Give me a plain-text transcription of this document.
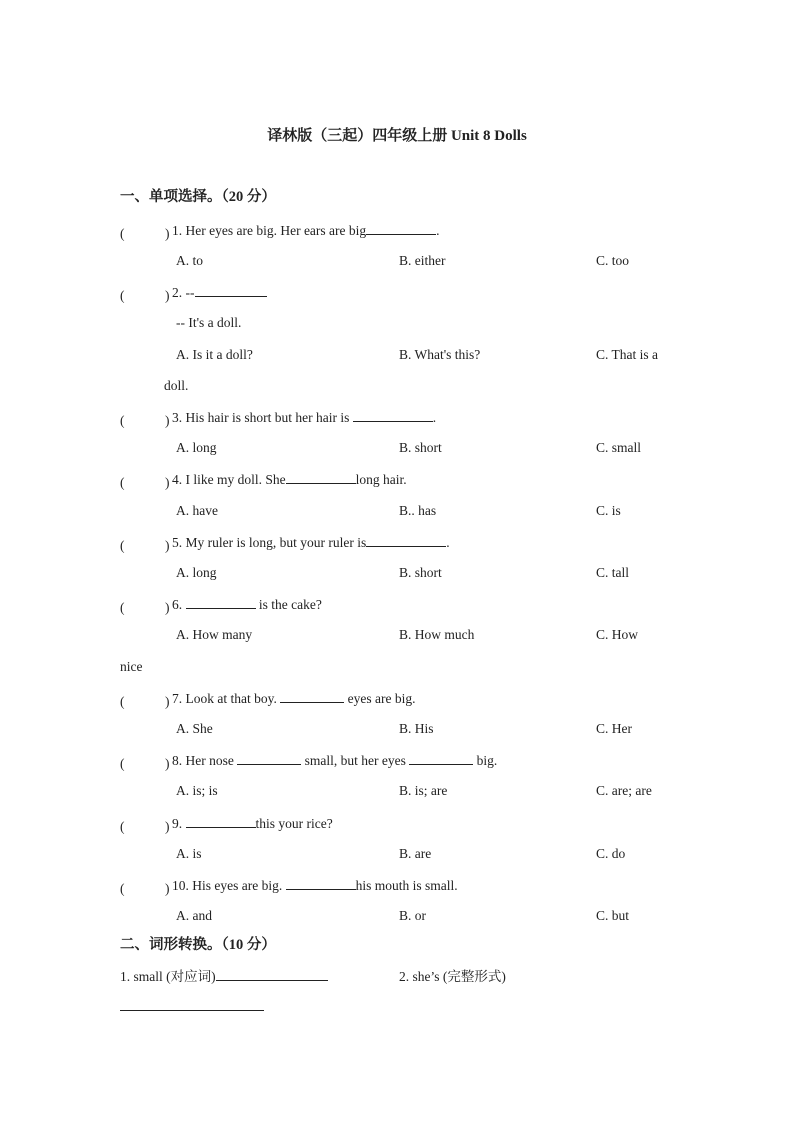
译林版（三起）四年级上册 Unit 8 Dolls
一、单项选择。（20 分）
(　　　) 1. Her eyes are big. Her ears are big	.
A. to	B. either	C. too
(　　　) 2. --
-- It's a doll.
A. Is it a doll?	B. What's this?	C. That is a
doll.
(　　　) 3. His hair is short but her hair is	.
A. long	B. short	C. small
(　　　) 4. I like my doll. She	long hair.
A. have	B.. has	C. is
(　　　) 5. My ruler is long, but your ruler is	.
A. long	B. short	C. tall
(　　　) 6.	is the cake?
A. How many	B. How much	C. How
nice
(　　　) 7. Look at that boy.	eyes are big.
A. She	B. His	C. Her
(　　　) 8. Her nose	small, but her eyes	big.
A. is; is	B. is; are	C. are; are
(　　　) 9.	this your rice?
A. is	B. are	C. do
(　　　) 10. His eyes are big.	his mouth is small.
A. and	B. or	C. but
二、词形转换。（10 分）
1. small (对应词)	2. she’s (完整形式)
